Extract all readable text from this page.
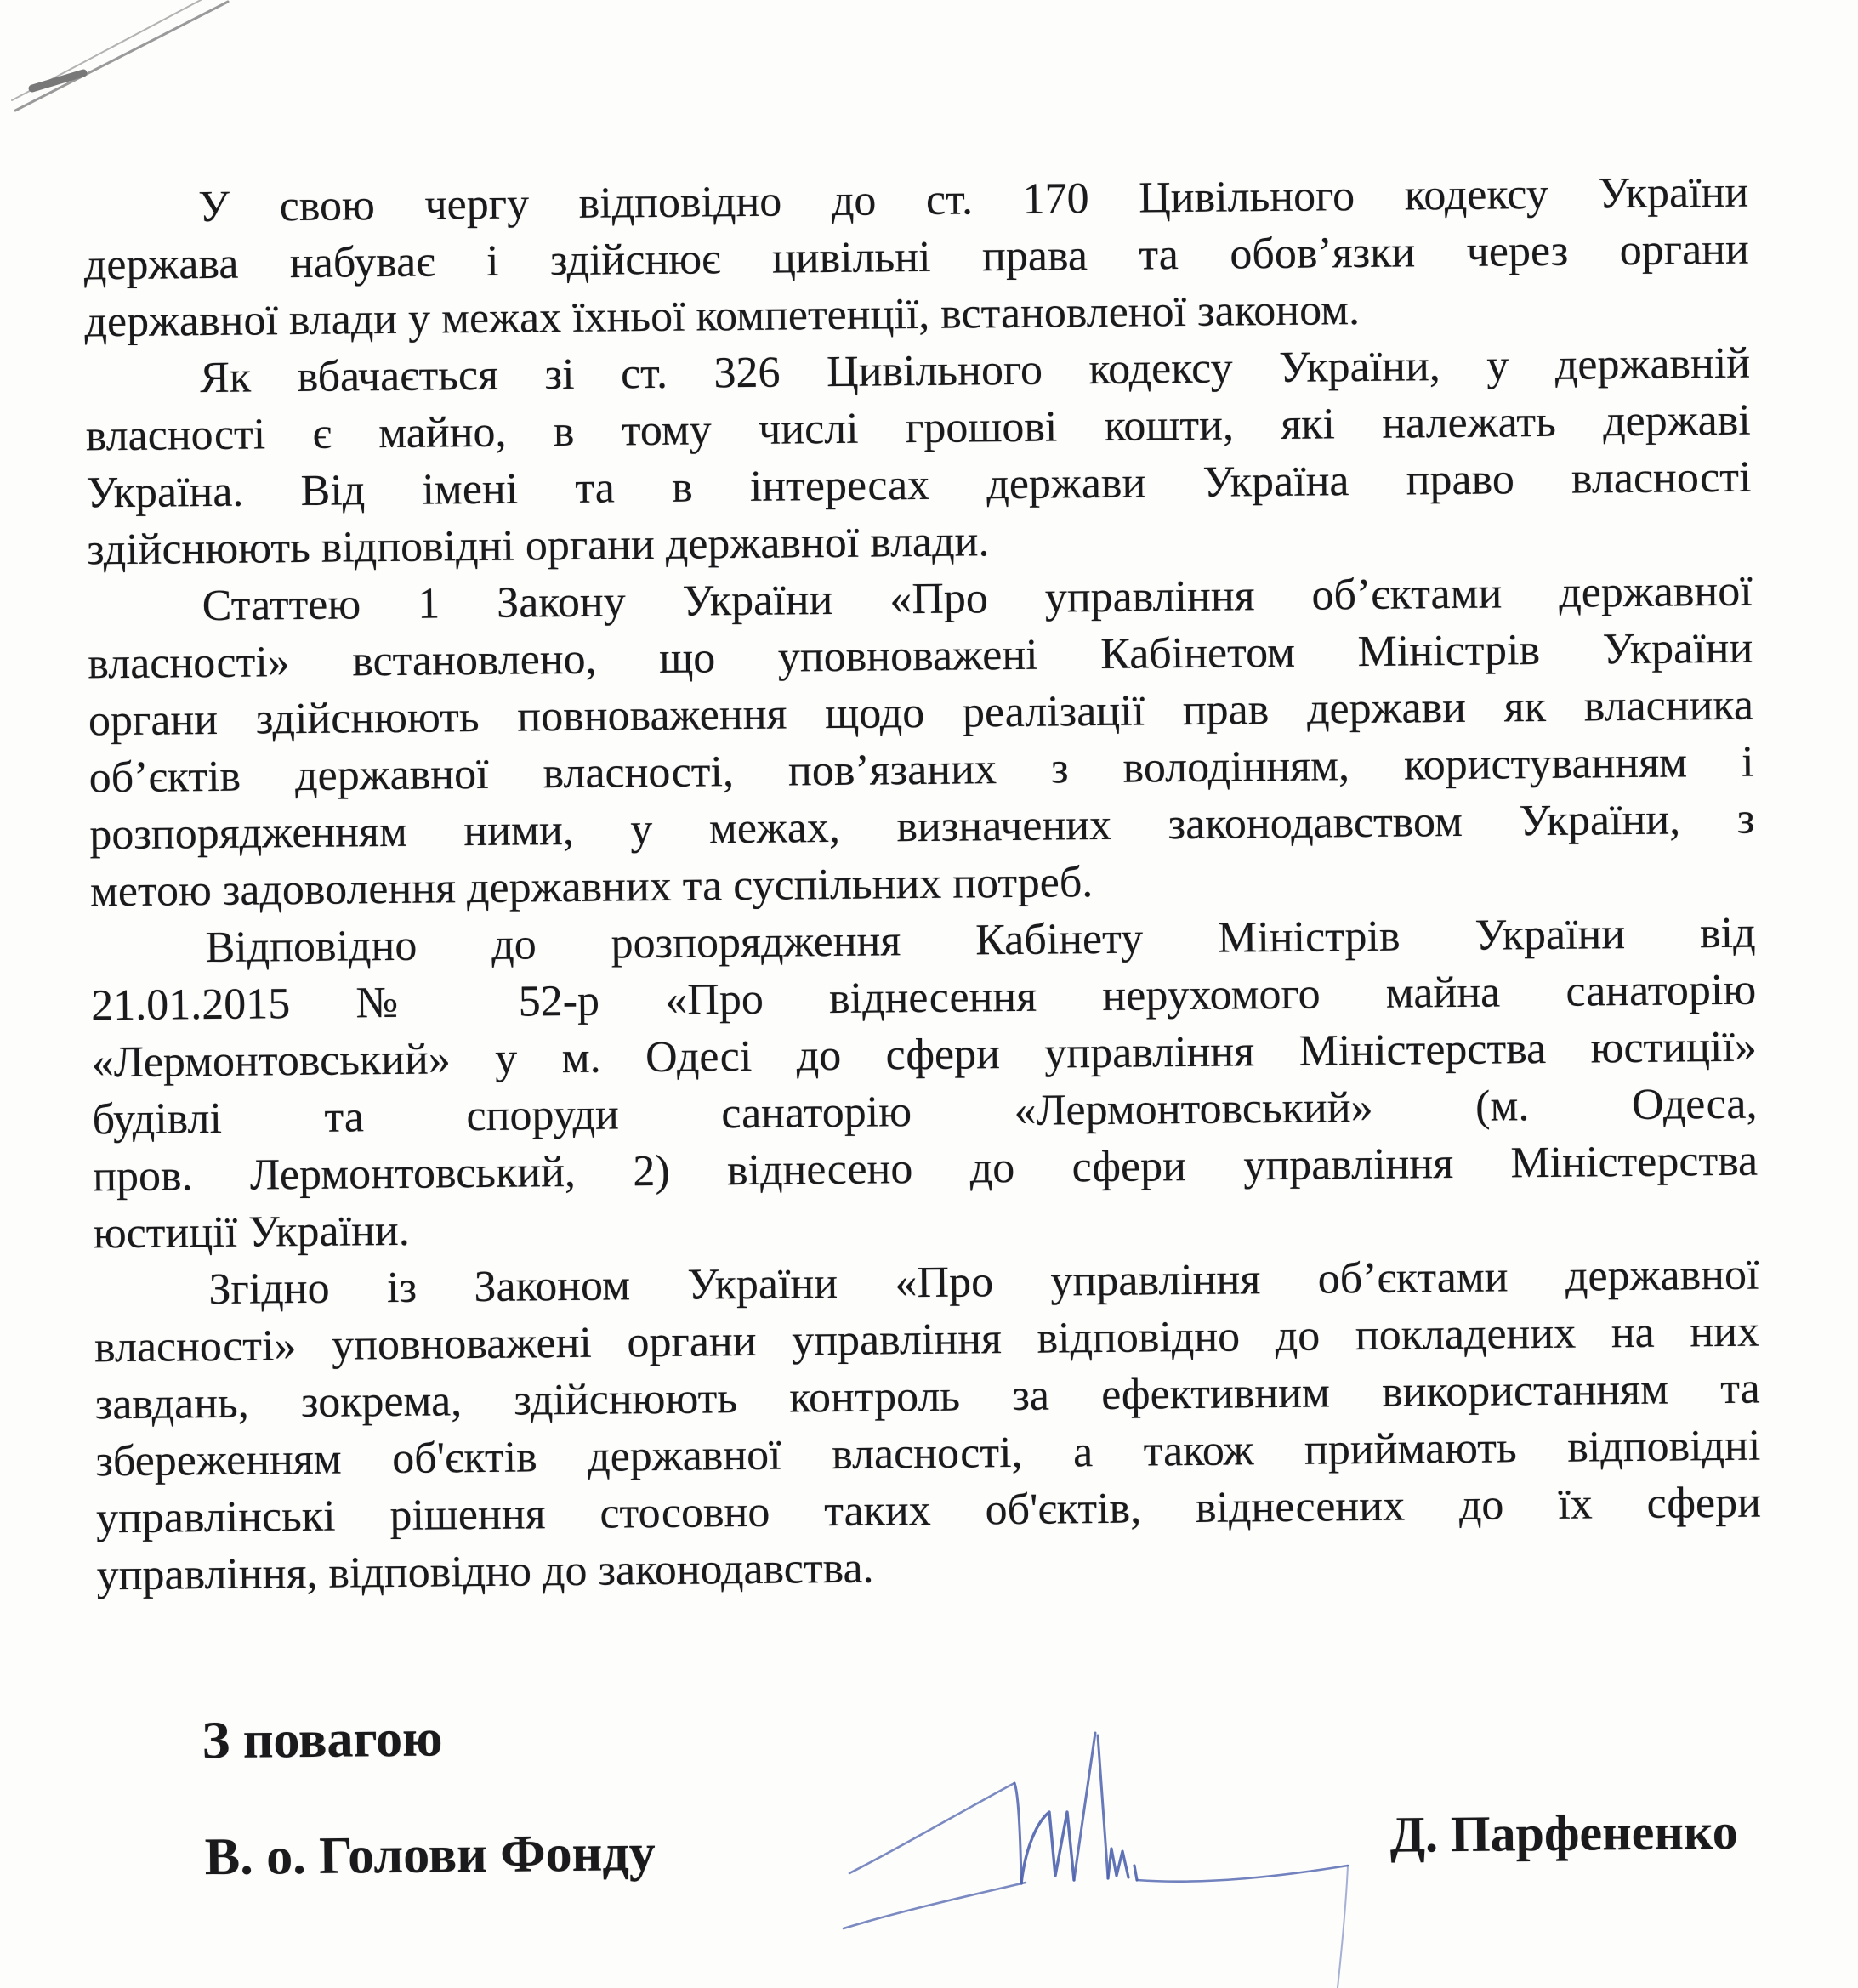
У свою чергу відповідно до ст. 170 Цивільного кодексу України
держава набуває і здійснює цивільні права та обов’язки через органи
державної влади у межах їхньої компетенції, встановленої законом.
Як вбачається зі ст. 326 Цивільного кодексу України, у державній
власності є майно, в тому числі грошові кошти, які належать державі
Україна. Від імені та в інтересах держави Україна право власності
здійснюють відповідні органи державної влади.
Статтею 1 Закону України «Про управління об’єктами державної
власності» встановлено, що уповноважені Кабінетом Міністрів України
органи здійснюють повноваження щодо реалізації прав держави як власника
об’єктів державної власності, пов’язаних з володінням, користуванням і
розпорядженням ними, у межах, визначених законодавством України, з
метою задоволення державних та суспільних потреб.
Відповідно до розпорядження Кабінету Міністрів України від
21.01.2015 № 52-р «Про віднесення нерухомого майна санаторію
«Лермонтовський» у м. Одесі до сфери управління Міністерства юстиції»
будівлі та споруди санаторію «Лермонтовський» (м. Одеса,
пров. Лермонтовський, 2) віднесено до сфери управління Міністерства
юстиції України.
Згідно із Законом України «Про управління об’єктами державної
власності» уповноважені органи управління відповідно до покладених на них
завдань, зокрема, здійснюють контроль за ефективним використанням та
збереженням об'єктів державної власності, а також приймають відповідні
управлінські рішення стосовно таких об'єктів, віднесених до їх сфери
управління, відповідно до законодавства.
З повагою
В. о. Голови Фонду	Д. Парфененко
